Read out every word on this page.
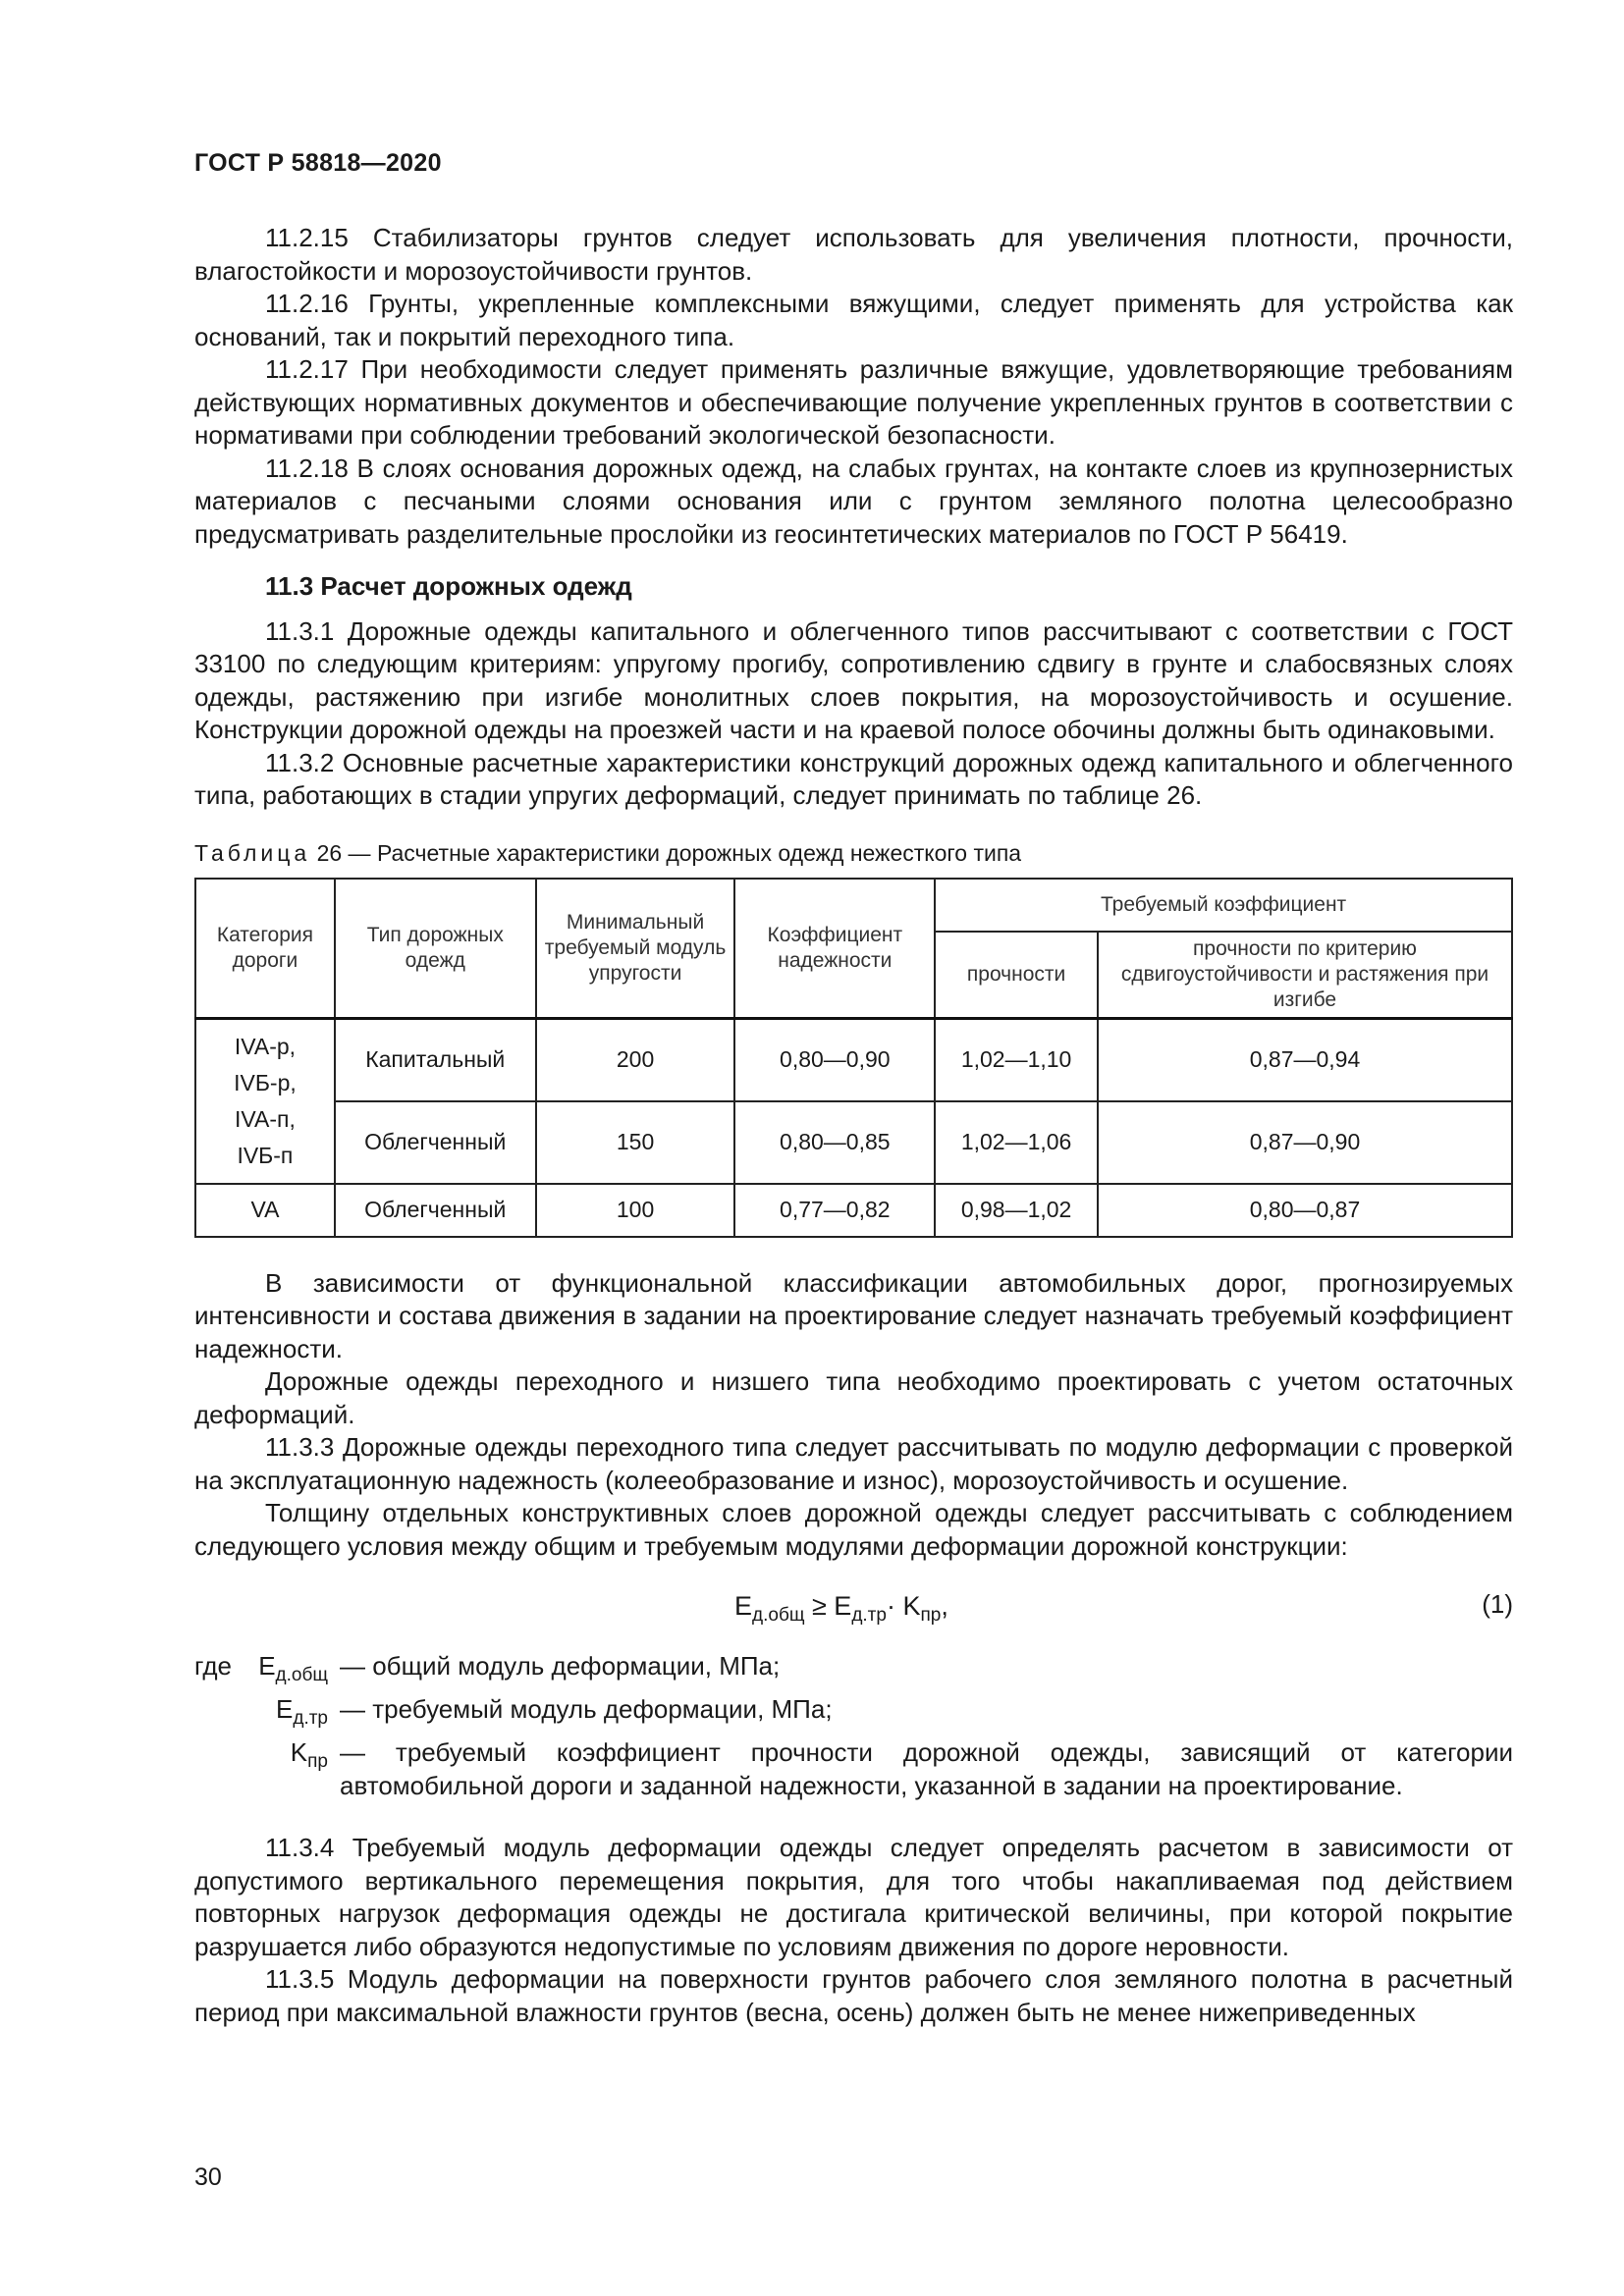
ГОСТ Р 58818—2020

11.2.15 Стабилизаторы грунтов следует использовать для увеличения плотности, прочности, влагостойкости и морозоустойчивости грунтов.

11.2.16 Грунты, укрепленные комплексными вяжущими, следует применять для устройства как оснований, так и покрытий переходного типа.

11.2.17 При необходимости следует применять различные вяжущие, удовлетворяющие требованиям действующих нормативных документов и обеспечивающие получение укрепленных грунтов в соответствии с нормативами при соблюдении требований экологической безопасности.

11.2.18 В слоях основания дорожных одежд, на слабых грунтах, на контакте слоев из крупнозернистых материалов с песчаными слоями основания или с грунтом земляного полотна целесообразно предусматривать разделительные прослойки из геосинтетических материалов по ГОСТ Р 56419.

11.3 Расчет дорожных одежд

11.3.1 Дорожные одежды капитального и облегченного типов рассчитывают с соответствии с ГОСТ 33100 по следующим критериям: упругому прогибу, сопротивлению сдвигу в грунте и слабосвязных слоях одежды, растяжению при изгибе монолитных слоев покрытия, на морозоустойчивость и осушение. Конструкции дорожной одежды на проезжей части и на краевой полосе обочины должны быть одинаковыми.

11.3.2 Основные расчетные характеристики конструкций дорожных одежд капитального и облегченного типа, работающих в стадии упругих деформаций, следует принимать по таблице 26.

Таблица 26 — Расчетные характеристики дорожных одежд нежесткого типа
Категория дороги	Тип дорожных одежд	Минимальный требуемый модуль упругости	Коэффициент надежности	Требуемый коэффициент	
				прочности	прочности по критерию сдвигоустойчивости и растяжения при изгибе

IVA-р,
IVБ-р,
IVA-п,
IVБ-п	Капитальный	200	0,80—0,90	1,02—1,10	0,87—0,94
	Облегченный	150	0,80—0,85	1,02—1,06	0,87—0,90
VA	Облегченный	100	0,77—0,82	0,98—1,02	0,80—0,87

В зависимости от функциональной классификации автомобильных дорог, прогнозируемых интенсивности и состава движения в задании на проектирование следует назначать требуемый коэффициент надежности.

Дорожные одежды переходного и низшего типа необходимо проектировать с учетом остаточных деформаций.

11.3.3 Дорожные одежды переходного типа следует рассчитывать по модулю деформации с проверкой на эксплуатационную надежность (колееобразование и износ), морозоустойчивость и осушение.

Толщину отдельных конструктивных слоев дорожной одежды следует рассчитывать с соблюдением следующего условия между общим и требуемым модулями деформации дорожной конструкции:

$E_{д.общ} \ge E_{д.тр}\cdot K_{пр}$,	(1)
где	$E_{д.общ}$ — общий модуль деформации, МПа;
$E_{д.тр}$ — требуемый модуль деформации, МПа;
$K_{пр}$ — требуемый коэффициент прочности дорожной одежды, зависящий от категории автомобильной дороги и заданной надежности, указанной в задании на проектирование.

11.3.4 Требуемый модуль деформации одежды следует определять расчетом в зависимости от допустимого вертикального перемещения покрытия, для того чтобы накапливаемая под действием повторных нагрузок деформация одежды не достигала критической величины, при которой покрытие разрушается либо образуются недопустимые по условиям движения по дороге неровности.

11.3.5 Модуль деформации на поверхности грунтов рабочего слоя земляного полотна в расчетный период при максимальной влажности грунтов (весна, осень) должен быть не менее нижеприведенных

30
